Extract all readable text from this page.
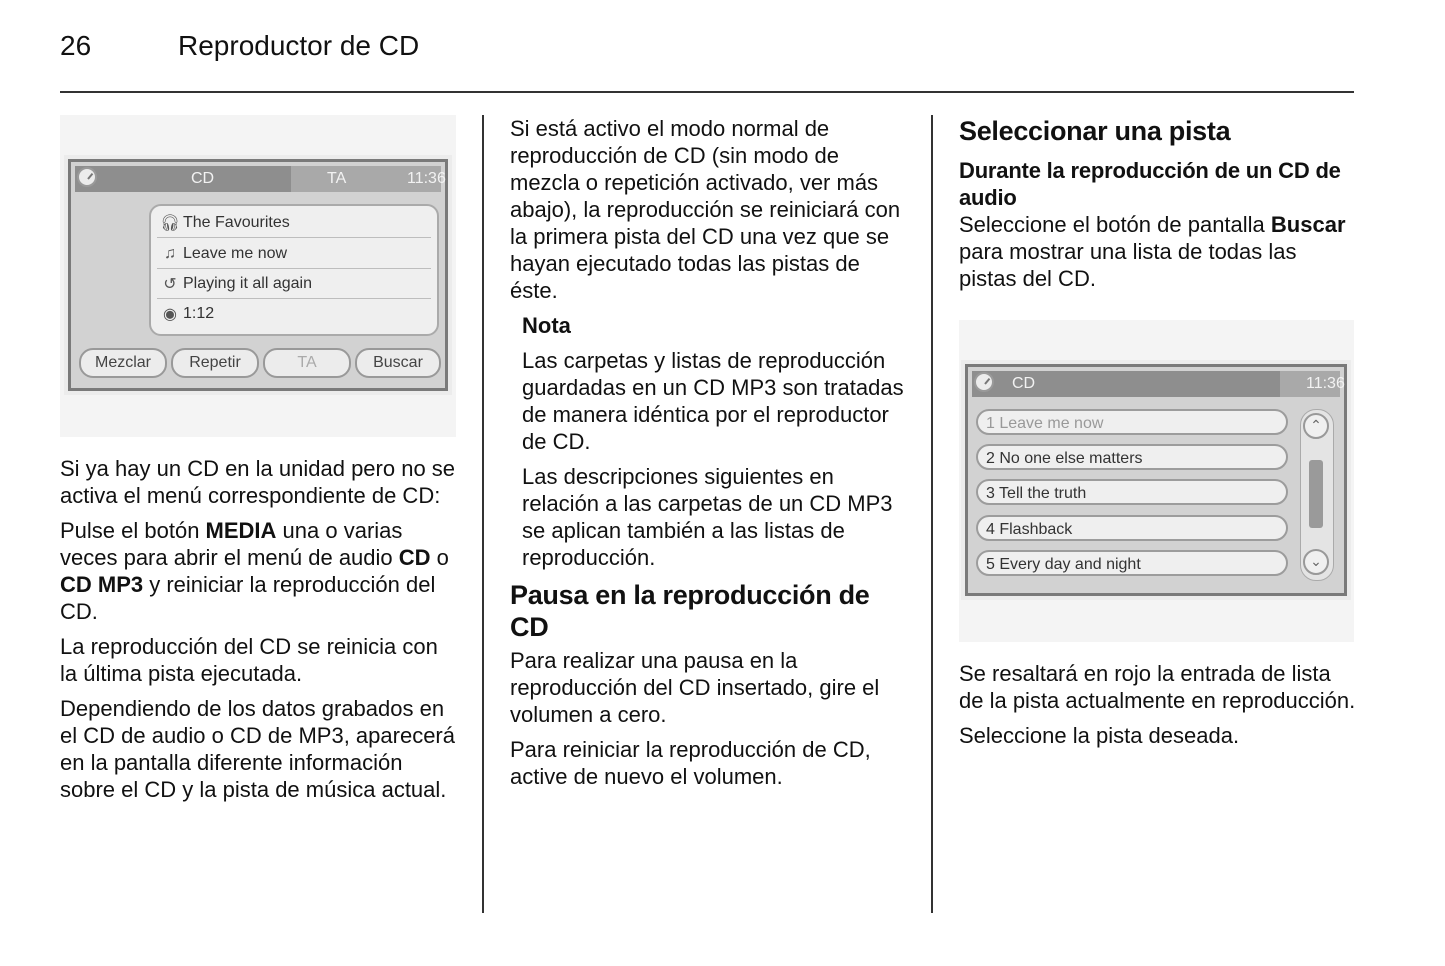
26	Reproductor de CD
CD	TA	11:36
🎧︎ The Favourites
♫ Leave me now
↺ Playing it all again
◉ 1:12
Mezclar	Repetir	TA	Buscar

Si ya hay un CD en la unidad pero no se activa el menú correspondiente de CD:

Pulse el botón MEDIA una o varias veces para abrir el menú de audio CD o CD MP3 y reiniciar la reproducción del CD.

La reproducción del CD se reinicia con la última pista ejecutada.

Dependiendo de los datos grabados en el CD de audio o CD de MP3, aparecerá en la pantalla diferente información sobre el CD y la pista de música actual.

Si está activo el modo normal de reproducción de CD (sin modo de mezcla o repetición activado, ver más abajo), la reproducción se reiniciará con la primera pista del CD una vez que se hayan ejecutado todas las pistas de éste.

Nota

Las carpetas y listas de reproducción guardadas en un CD MP3 son tratadas de manera idéntica por el reproductor de CD.

Las descripciones siguientes en relación a las carpetas de un CD MP3 se aplican también a las listas de reproducción.

Pausa en la reproducción de CD

Para realizar una pausa en la reproducción del CD insertado, gire el volumen a cero.

Para reiniciar la reproducción de CD, active de nuevo el volumen.

Seleccionar una pista
Durante la reproducción de un CD de audio

Seleccione el botón de pantalla Buscar para mostrar una lista de todas las pistas del CD.

CD	11:36
1 Leave me now
2 No one else matters
3 Tell the truth
4 Flashback
5 Every day and night
⌃
⌄

Se resaltará en rojo la entrada de lista de la pista actualmente en reproducción.

Seleccione la pista deseada.
